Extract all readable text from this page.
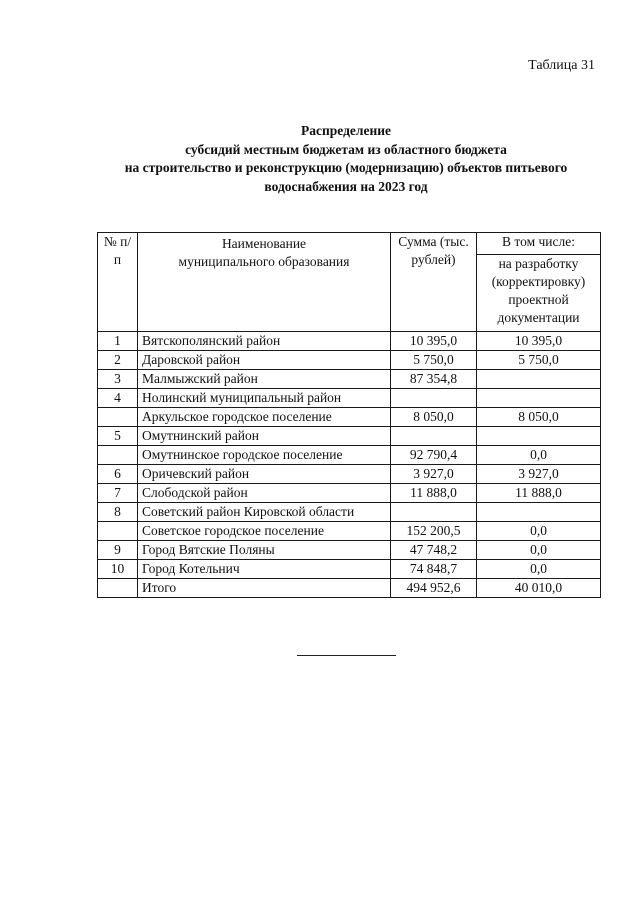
Таблица 31
Распределение
субсидий местным бюджетам из областного бюджета
на строительство и реконструкцию (модернизацию) объектов питьевого
водоснабжения на 2023 год
№ п/п	Наименование муниципального образования	Сумма (тыс. рублей)	В том числе:
			на разработку (корректировку) проектной документации
1	Вятскополянский район	10 395,0	10 395,0
2	Даровской район	5 750,0	5 750,0
3	Малмыжский район	87 354,8	
4	Нолинский муниципальный район		
	Аркульское городское поселение	8 050,0	8 050,0
5	Омутнинский район		
	Омутнинское городское поселение	92 790,4	0,0
6	Оричевский район	3 927,0	3 927,0
7	Слободской район	11 888,0	11 888,0
8	Советский район Кировской области		
	Советское городское поселение	152 200,5	0,0
9	Город Вятские Поляны	47 748,2	0,0
10	Город Котельнич	74 848,7	0,0
	Итого	494 952,6	40 010,0
